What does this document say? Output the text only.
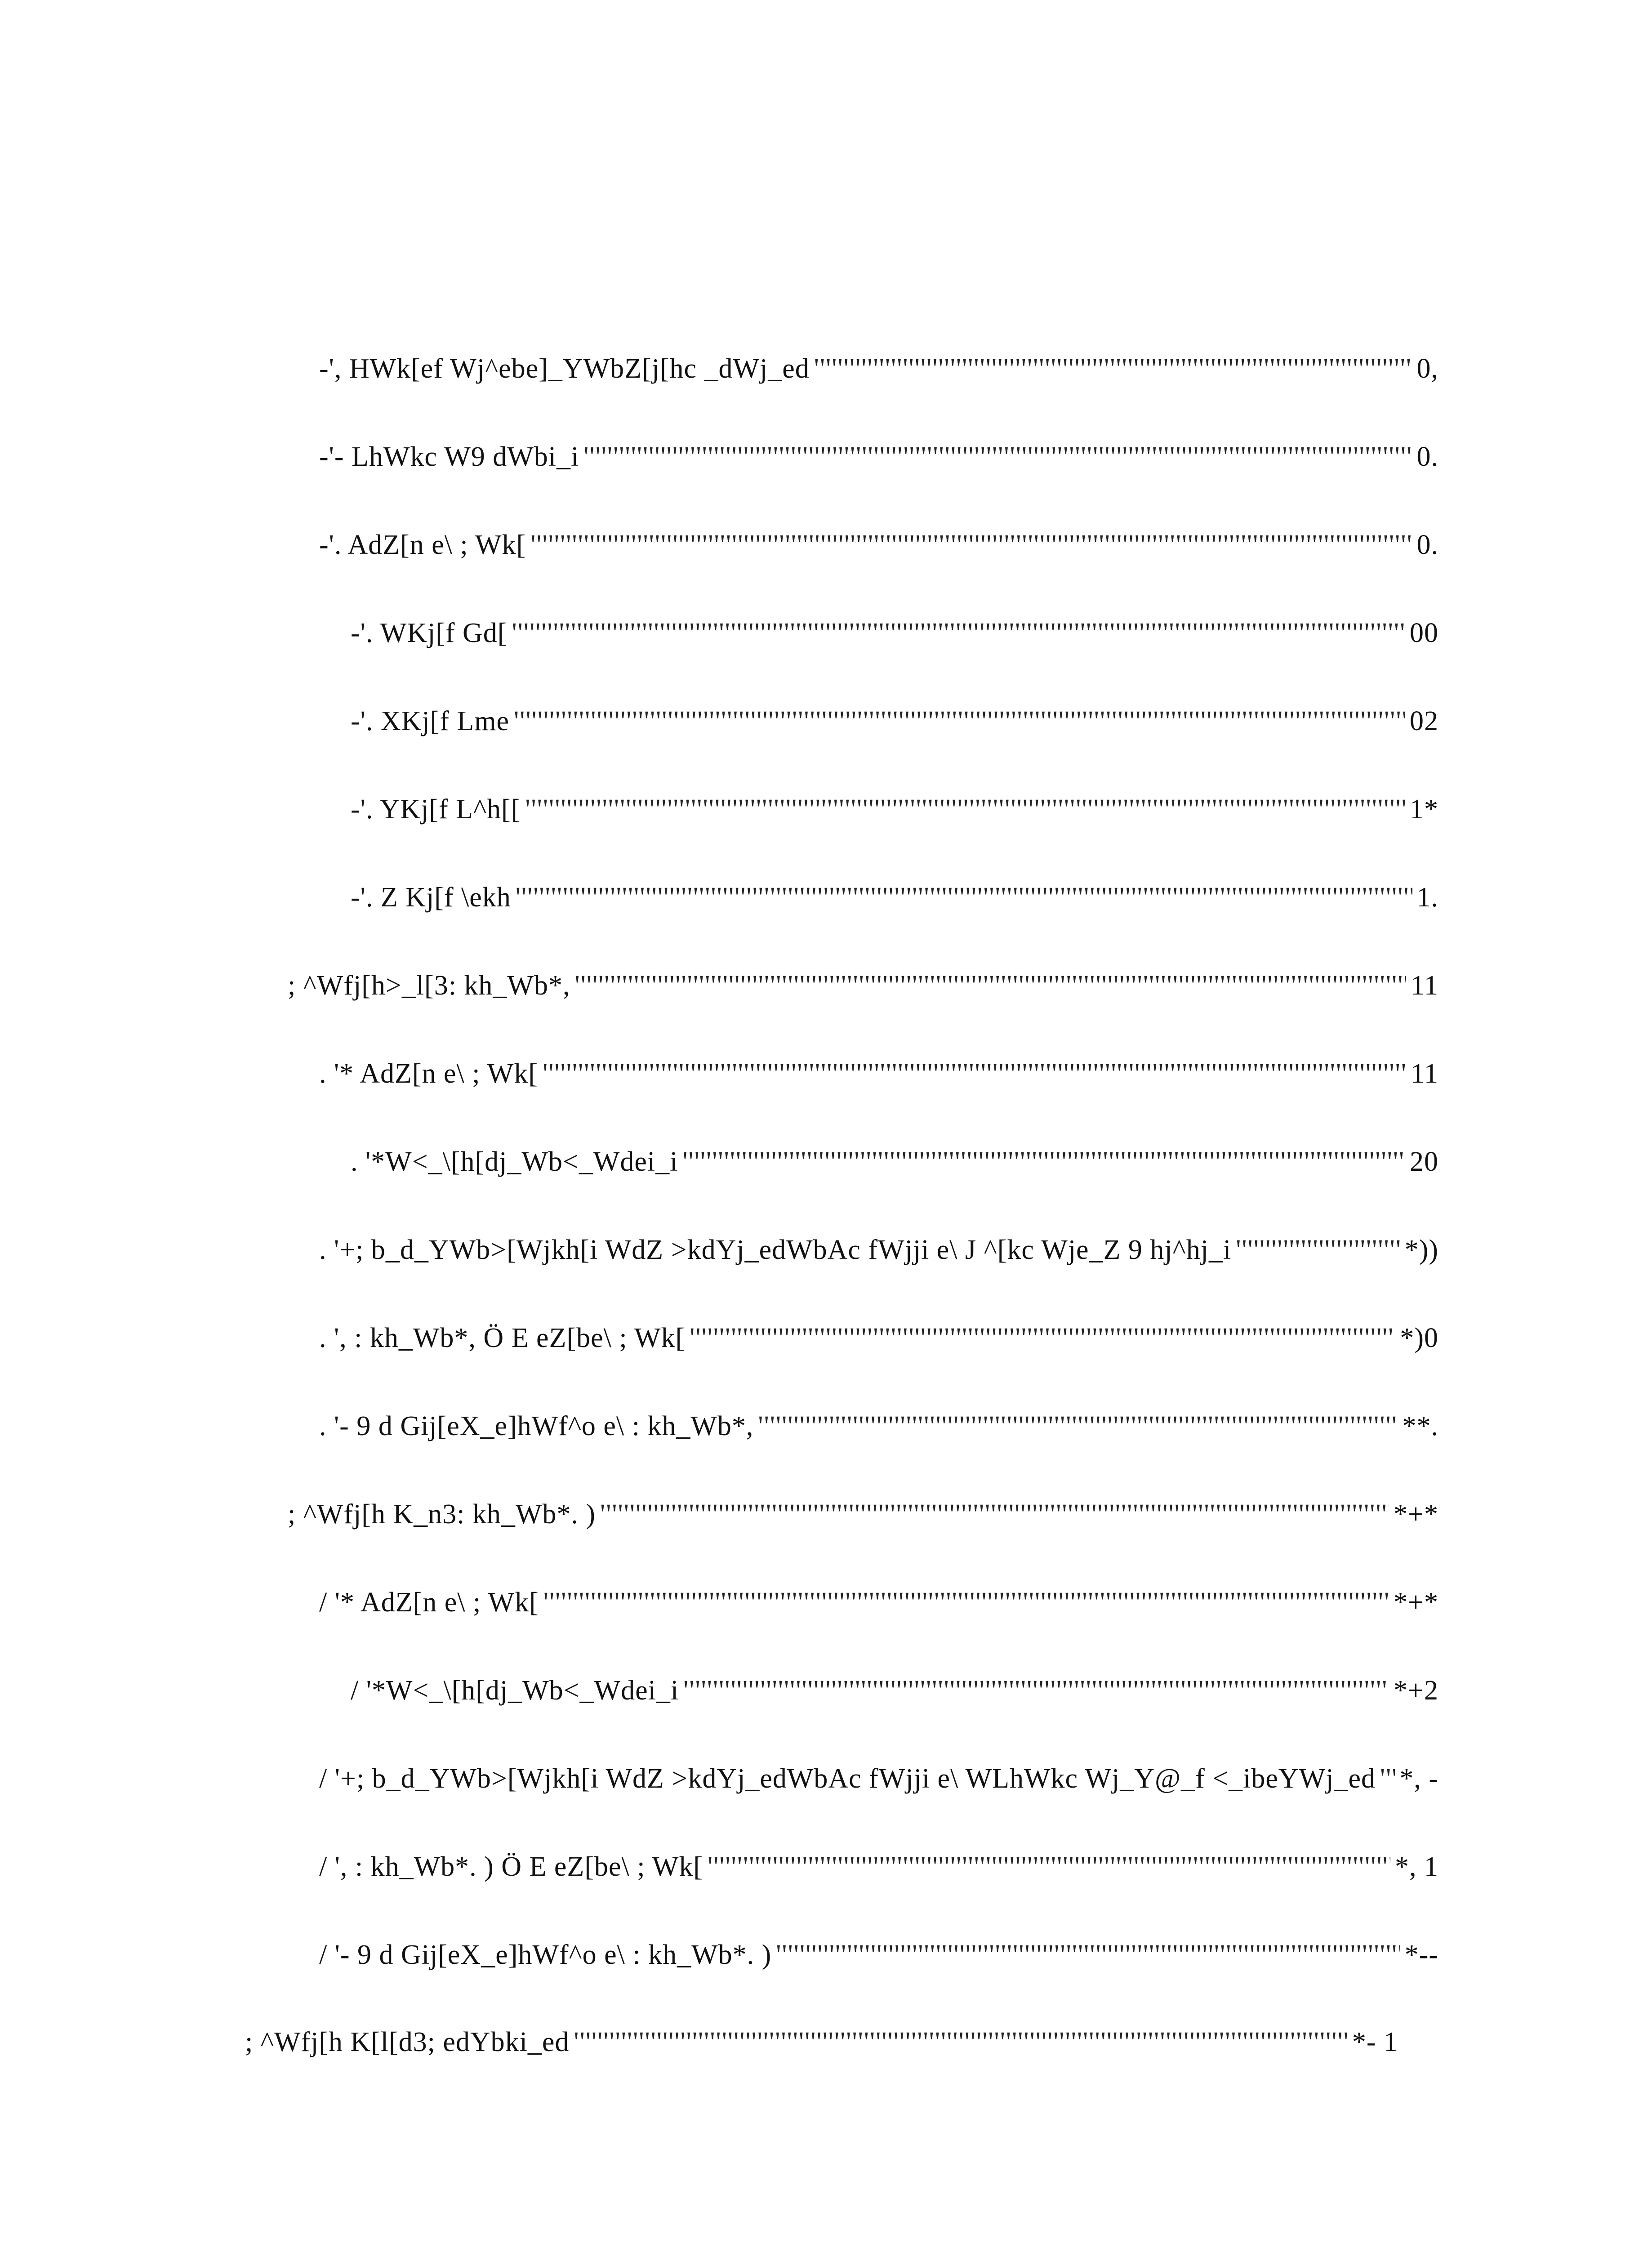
-', HWk[ef Wj^ebe]_YWbZ[j[hc _dWj_ed ''''''''''''''''''''''''''''''''''''''''''''''''''''''''''''''''''''''''''''''''''''''''''''''''''''''''''''''''''''''''''''''''''''''''''''''''''''''''''''''''''''''''''''''''''''''''''''''''''''''''''''''''''''''''''''''''''''''''''''''''''''''''''''''''''''''''''''''''''''''''''''''''''''''''''''''''''''''''''''''''''''''''	0,
-'- LhWkc W9 dWbi_i ''''''''''''''''''''''''''''''''''''''''''''''''''''''''''''''''''''''''''''''''''''''''''''''''''''''''''''''''''''''''''''''''''''''''''''''''''''''''''''''''''''''''''''''''''''''''''''''''''''''''''''''''''''''''''''''''''''''''''''''''''''''''''''''''''''''''''''''''''''''''''''''''''''''''''''''''''''''''''''''''''''''''	0.
-'. AdZ[n e\ ; Wk[ ''''''''''''''''''''''''''''''''''''''''''''''''''''''''''''''''''''''''''''''''''''''''''''''''''''''''''''''''''''''''''''''''''''''''''''''''''''''''''''''''''''''''''''''''''''''''''''''''''''''''''''''''''''''''''''''''''''''''''''''''''''''''''''''''''''''''''''''''''''''''''''''''''''''''''''''''''''''''''''''''''''''''	0.
-'. WKj[f Gd[ ''''''''''''''''''''''''''''''''''''''''''''''''''''''''''''''''''''''''''''''''''''''''''''''''''''''''''''''''''''''''''''''''''''''''''''''''''''''''''''''''''''''''''''''''''''''''''''''''''''''''''''''''''''''''''''''''''''''''''''''''''''''''''''''''''''''''''''''''''''''''''''''''''''''''''''''''''''''''''''''''''''''''	00
-'. XKj[f Lme ''''''''''''''''''''''''''''''''''''''''''''''''''''''''''''''''''''''''''''''''''''''''''''''''''''''''''''''''''''''''''''''''''''''''''''''''''''''''''''''''''''''''''''''''''''''''''''''''''''''''''''''''''''''''''''''''''''''''''''''''''''''''''''''''''''''''''''''''''''''''''''''''''''''''''''''''''''''''''''''''''''''''	02
-'. YKj[f L^h[[ ''''''''''''''''''''''''''''''''''''''''''''''''''''''''''''''''''''''''''''''''''''''''''''''''''''''''''''''''''''''''''''''''''''''''''''''''''''''''''''''''''''''''''''''''''''''''''''''''''''''''''''''''''''''''''''''''''''''''''''''''''''''''''''''''''''''''''''''''''''''''''''''''''''''''''''''''''''''''''''''''''''''''	1*
-'. Z Kj[f \ekh ''''''''''''''''''''''''''''''''''''''''''''''''''''''''''''''''''''''''''''''''''''''''''''''''''''''''''''''''''''''''''''''''''''''''''''''''''''''''''''''''''''''''''''''''''''''''''''''''''''''''''''''''''''''''''''''''''''''''''''''''''''''''''''''''''''''''''''''''''''''''''''''''''''''''''''''''''''''''''''''''''''''''	1.
; ^Wfj[h>_l[3: kh_Wb*, ''''''''''''''''''''''''''''''''''''''''''''''''''''''''''''''''''''''''''''''''''''''''''''''''''''''''''''''''''''''''''''''''''''''''''''''''''''''''''''''''''''''''''''''''''''''''''''''''''''''''''''''''''''''''''''''''''''''''''''''''''''''''''''''''''''''''''''''''''''''''''''''''''''''''''''''''''''''''''''''''''''''''	11
. '* AdZ[n e\ ; Wk[ ''''''''''''''''''''''''''''''''''''''''''''''''''''''''''''''''''''''''''''''''''''''''''''''''''''''''''''''''''''''''''''''''''''''''''''''''''''''''''''''''''''''''''''''''''''''''''''''''''''''''''''''''''''''''''''''''''''''''''''''''''''''''''''''''''''''''''''''''''''''''''''''''''''''''''''''''''''''''''''''''''''''''	11
. '*W<_\[h[dj_Wb<_Wdei_i ''''''''''''''''''''''''''''''''''''''''''''''''''''''''''''''''''''''''''''''''''''''''''''''''''''''''''''''''''''''''''''''''''''''''''''''''''''''''''''''''''''''''''''''''''''''''''''''''''''''''''''''''''''''''''''''''''''''''''''''''''''''''''''''''''''''''''''''''''''''''''''''''''''''''''''''''''''''''''''''''''''''''	20
. '+; b_d_YWb>[Wjkh[i WdZ >kdYj_edWbAc fWjji e\ J ^[kc Wje_Z 9 hj^hj_i ''''''''''''''''''''''''''''''''''''''''''''''''''''''''''''''''''''''''''''''''''''''''''''''''''''''''''''''''''''''''''''''''''''''''''''''''''''''''''''''''''''''''''''''''''''''''''''''''''''''''''''''''''''''''''''''''''''''''''''''''''''''''''''''''''''''''''''''''''''''''''''''''''''''''''''''''''''''''''''''''''''''''	*))
. ', : kh_Wb*, Ö E eZ[be\ ; Wk[ ''''''''''''''''''''''''''''''''''''''''''''''''''''''''''''''''''''''''''''''''''''''''''''''''''''''''''''''''''''''''''''''''''''''''''''''''''''''''''''''''''''''''''''''''''''''''''''''''''''''''''''''''''''''''''''''''''''''''''''''''''''''''''''''''''''''''''''''''''''''''''''''''''''''''''''''''''''''''''''''''''''''''	*)0
. '- 9 d Gij[eX_e]hWf^o e\ : kh_Wb*, ''''''''''''''''''''''''''''''''''''''''''''''''''''''''''''''''''''''''''''''''''''''''''''''''''''''''''''''''''''''''''''''''''''''''''''''''''''''''''''''''''''''''''''''''''''''''''''''''''''''''''''''''''''''''''''''''''''''''''''''''''''''''''''''''''''''''''''''''''''''''''''''''''''''''''''''''''''''''''''''''''''''''	**.
; ^Wfj[h K_n3: kh_Wb*. ) ''''''''''''''''''''''''''''''''''''''''''''''''''''''''''''''''''''''''''''''''''''''''''''''''''''''''''''''''''''''''''''''''''''''''''''''''''''''''''''''''''''''''''''''''''''''''''''''''''''''''''''''''''''''''''''''''''''''''''''''''''''''''''''''''''''''''''''''''''''''''''''''''''''''''''''''''''''''''''''''''''''''''	*+*
/ '* AdZ[n e\ ; Wk[ ''''''''''''''''''''''''''''''''''''''''''''''''''''''''''''''''''''''''''''''''''''''''''''''''''''''''''''''''''''''''''''''''''''''''''''''''''''''''''''''''''''''''''''''''''''''''''''''''''''''''''''''''''''''''''''''''''''''''''''''''''''''''''''''''''''''''''''''''''''''''''''''''''''''''''''''''''''''''''''''''''''''''	*+*
/ '*W<_\[h[dj_Wb<_Wdei_i ''''''''''''''''''''''''''''''''''''''''''''''''''''''''''''''''''''''''''''''''''''''''''''''''''''''''''''''''''''''''''''''''''''''''''''''''''''''''''''''''''''''''''''''''''''''''''''''''''''''''''''''''''''''''''''''''''''''''''''''''''''''''''''''''''''''''''''''''''''''''''''''''''''''''''''''''''''''''''''''''''''''''	*+2
/ '+; b_d_YWb>[Wjkh[i WdZ >kdYj_edWbAc fWjji e\ WLhWkc Wj_Y@_f <_ibeYWj_ed '''''''''''''''''''''''''''''''''''''''''''''''''''''''''''''''''''''''''''''''''''''''''''''''''''''''''''''''''''''''''''''''''''''''''''''''''''''''''''''''''''''''''''''''''''''''''''''''''''''''''''''''''''''''''''''''''''''''''''''''''''''''''''''''''''''''''''''''''''''''''''''''''''''''''''''''''''''''''''''''''''''''' *, -
/ ', : kh_Wb*. ) Ö E eZ[be\ ; Wk[ ''''''''''''''''''''''''''''''''''''''''''''''''''''''''''''''''''''''''''''''''''''''''''''''''''''''''''''''''''''''''''''''''''''''''''''''''''''''''''''''''''''''''''''''''''''''''''''''''''''''''''''''''''''''''''''''''''''''''''''''''''''''''''''''''''''''''''''''''''''''''''''''''''''''''''''''''''''''''''''''''''''''''	*, 1
/ '- 9 d Gij[eX_e]hWf^o e\ : kh_Wb*. ) ''''''''''''''''''''''''''''''''''''''''''''''''''''''''''''''''''''''''''''''''''''''''''''''''''''''''''''''''''''''''''''''''''''''''''''''''''''''''''''''''''''''''''''''''''''''''''''''''''''''''''''''''''''''''''''''''''''''''''''''''''''''''''''''''''''''''''''''''''''''''''''''''''''''''''''''''''''''''''''''''''''''''	*--
; ^Wfj[h K[l[d3; edYbki_ed ''''''''''''''''''''''''''''''''''''''''''''''''''''''''''''''''''''''''''''''''''''''''''''''''''''''''''''''''''''''''''''''''''''''''''''''''''''''''''''''''''''''''''''''''''''''''''''''''''''''''''''''''''''''''''''''''''''''''''''''''''''''''''''''''''''''''''''''''''''''''''''''''''''''''''''''''''''''''''''''''''''''''	*- 1
